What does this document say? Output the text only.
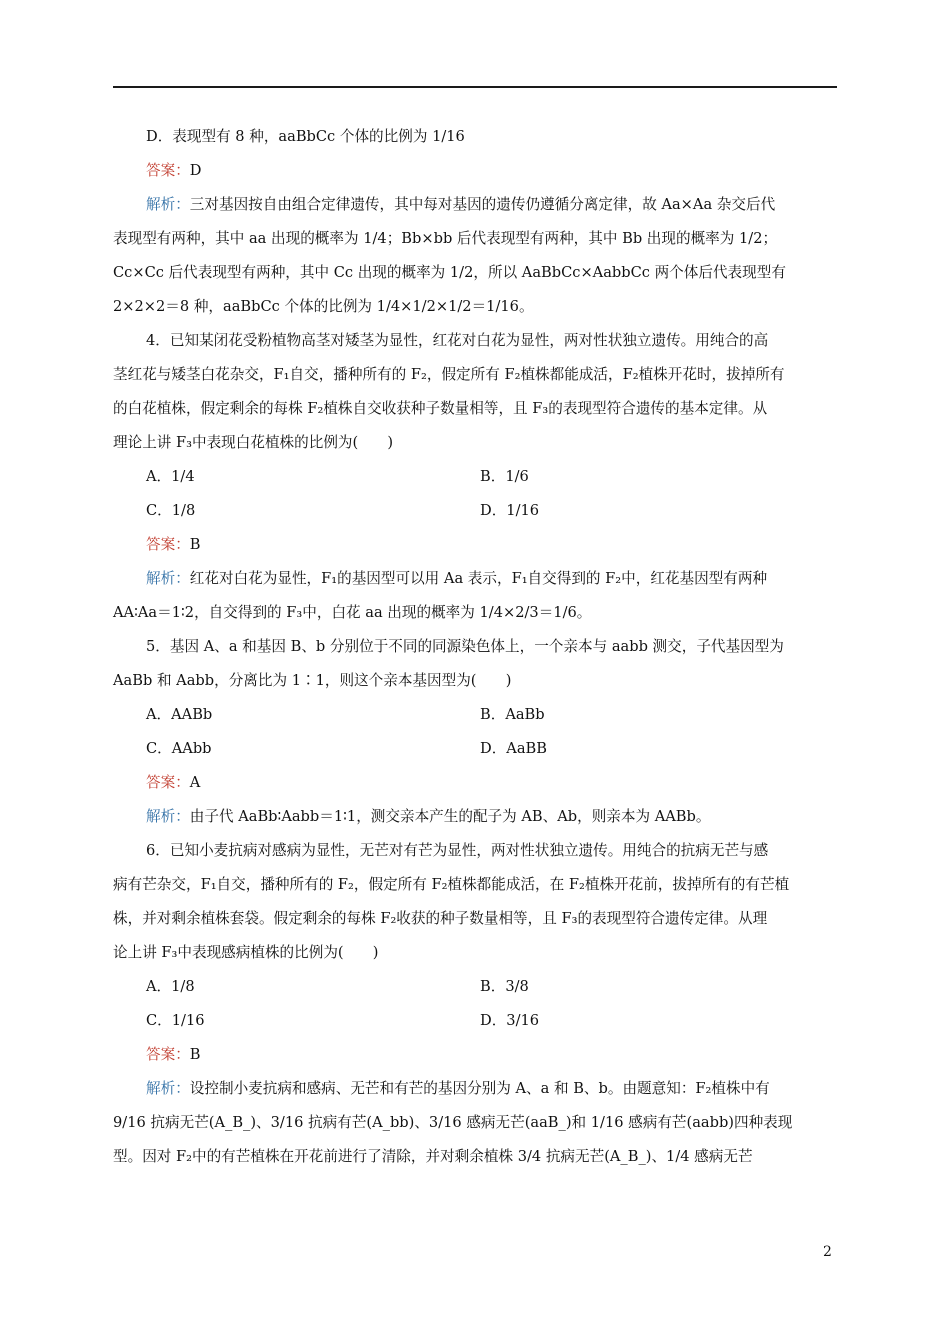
D．表现型有 8 种，aaBbCc 个体的比例为 1/16
答案：D
解析：三对基因按自由组合定律遗传，其中每对基因的遗传仍遵循分离定律，故 Aa×Aa 杂交后代
表现型有两种，其中 aa 出现的概率为 1/4；Bb×bb 后代表现型有两种，其中 Bb 出现的概率为 1/2；
Cc×Cc 后代表现型有两种，其中 Cc 出现的概率为 1/2，所以 AaBbCc×AabbCc 两个体后代表现型有
2×2×2＝8 种，aaBbCc 个体的比例为 1/4×1/2×1/2＝1/16。
4．已知某闭花受粉植物高茎对矮茎为显性，红花对白花为显性，两对性状独立遗传。用纯合的高
茎红花与矮茎白花杂交，F₁自交，播种所有的 F₂，假定所有 F₂植株都能成活，F₂植株开花时，拔掉所有
的白花植株，假定剩余的每株 F₂植株自交收获种子数量相等，且 F₃的表现型符合遗传的基本定律。从
理论上讲 F₃中表现白花植株的比例为(　　)
A．1/4	B．1/6
C．1/8	D．1/16
答案：B
解析：红花对白花为显性，F₁的基因型可以用 Aa 表示，F₁自交得到的 F₂中，红花基因型有两种
AA∶Aa＝1∶2，自交得到的 F₃中，白花 aa 出现的概率为 1/4×2/3＝1/6。
5．基因 A、a 和基因 B、b 分别位于不同的同源染色体上，一个亲本与 aabb 测交，子代基因型为
AaBb 和 Aabb，分离比为 1∶1，则这个亲本基因型为(　　)
A．AABb	B．AaBb
C．AAbb	D．AaBB
答案：A
解析：由子代 AaBb∶Aabb＝1∶1，测交亲本产生的配子为 AB、Ab，则亲本为 AABb。
6．已知小麦抗病对感病为显性，无芒对有芒为显性，两对性状独立遗传。用纯合的抗病无芒与感
病有芒杂交，F₁自交，播种所有的 F₂，假定所有 F₂植株都能成活，在 F₂植株开花前，拔掉所有的有芒植
株，并对剩余植株套袋。假定剩余的每株 F₂收获的种子数量相等，且 F₃的表现型符合遗传定律。从理
论上讲 F₃中表现感病植株的比例为(　　)
A．1/8	B．3/8
C．1/16	D．3/16
答案：B
解析：设控制小麦抗病和感病、无芒和有芒的基因分别为 A、a 和 B、b。由题意知：F₂植株中有
9/16 抗病无芒(A_B_)、3/16 抗病有芒(A_bb)、3/16 感病无芒(aaB_)和 1/16 感病有芒(aabb)四种表现
型。因对 F₂中的有芒植株在开花前进行了清除，并对剩余植株 3/4 抗病无芒(A_B_)、1/4 感病无芒
2
